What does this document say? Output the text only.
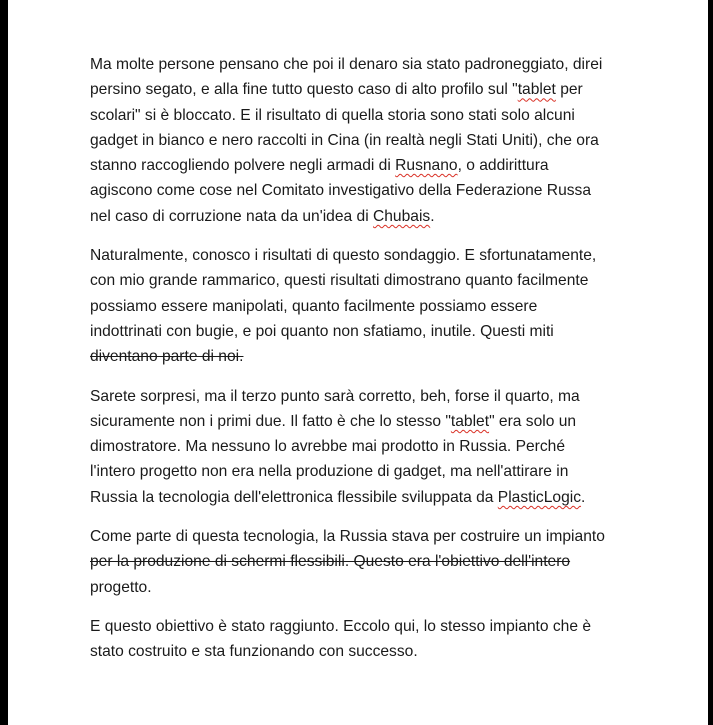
Ma molte persone pensano che poi il denaro sia stato padroneggiato, direi
persino segato, e alla fine tutto questo caso di alto profilo sul "tablet per
scolari" si è bloccato. E il risultato di quella storia sono stati solo alcuni
gadget in bianco e nero raccolti in Cina (in realtà negli Stati Uniti), che ora
stanno raccogliendo polvere negli armadi di Rusnano, o addirittura
agiscono come cose nel Comitato investigativo della Federazione Russa
nel caso di corruzione nata da un'idea di Chubais.

Naturalmente, conosco i risultati di questo sondaggio. E sfortunatamente,
con mio grande rammarico, questi risultati dimostrano quanto facilmente
possiamo essere manipolati, quanto facilmente possiamo essere
indottrinati con bugie, e poi quanto non sfatiamo, inutile. Questi miti
diventano parte di noi.

Sarete sorpresi, ma il terzo punto sarà corretto, beh, forse il quarto, ma
sicuramente non i primi due. Il fatto è che lo stesso "tablet" era solo un
dimostratore. Ma nessuno lo avrebbe mai prodotto in Russia. Perché
l'intero progetto non era nella produzione di gadget, ma nell'attirare in
Russia la tecnologia dell'elettronica flessibile sviluppata da PlasticLogic.

Come parte di questa tecnologia, la Russia stava per costruire un impianto
per la produzione di schermi flessibili. Questo era l'obiettivo dell'intero
progetto.

E questo obiettivo è stato raggiunto. Eccolo qui, lo stesso impianto che è
stato costruito e sta funzionando con successo.
